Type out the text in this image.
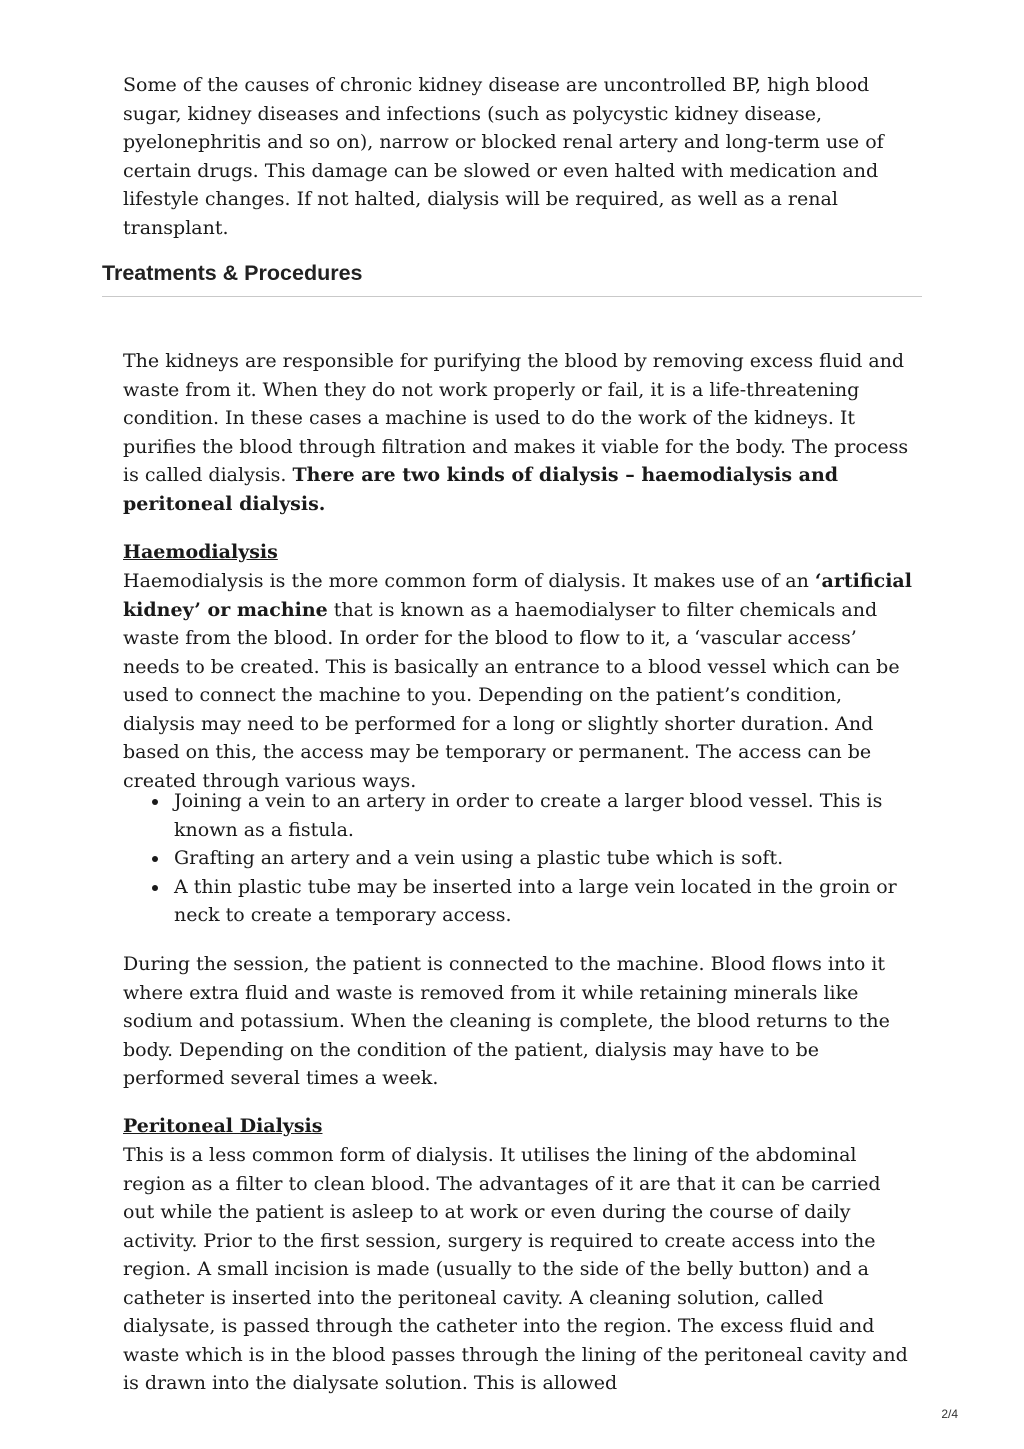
Some of the causes of chronic kidney disease are uncontrolled BP, high blood sugar, kidney diseases and infections (such as polycystic kidney disease, pyelonephritis and so on), narrow or blocked renal artery and long-term use of certain drugs. This damage can be slowed or even halted with medication and lifestyle changes. If not halted, dialysis will be required, as well as a renal transplant.

Treatments & Procedures

The kidneys are responsible for purifying the blood by removing excess fluid and waste from it. When they do not work properly or fail, it is a life-threatening condition. In these cases a machine is used to do the work of the kidneys. It purifies the blood through filtration and makes it viable for the body. The process is called dialysis. There are two kinds of dialysis – haemodialysis and peritoneal dialysis.

Haemodialysis

Haemodialysis is the more common form of dialysis. It makes use of an ‘artificial kidney’ or machine that is known as a haemodialyser to filter chemicals and waste from the blood. In order for the blood to flow to it, a ‘vascular access’ needs to be created. This is basically an entrance to a blood vessel which can be used to connect the machine to you. Depending on the patient’s condition, dialysis may need to be performed for a long or slightly shorter duration. And based on this, the access may be temporary or permanent. The access can be created through various ways.

Joining a vein to an artery in order to create a larger blood vessel. This is known as a fistula.
Grafting an artery and a vein using a plastic tube which is soft.
A thin plastic tube may be inserted into a large vein located in the groin or neck to create a temporary access.

During the session, the patient is connected to the machine. Blood flows into it where extra fluid and waste is removed from it while retaining minerals like sodium and potassium. When the cleaning is complete, the blood returns to the body. Depending on the condition of the patient, dialysis may have to be performed several times a week.

Peritoneal Dialysis

This is a less common form of dialysis. It utilises the lining of the abdominal region as a filter to clean blood. The advantages of it are that it can be carried out while the patient is asleep to at work or even during the course of daily activity. Prior to the first session, surgery is required to create access into the region. A small incision is made (usually to the side of the belly button) and a catheter is inserted into the peritoneal cavity. A cleaning solution, called dialysate, is passed through the catheter into the region. The excess fluid and waste which is in the blood passes through the lining of the peritoneal cavity and is drawn into the dialysate solution. This is allowed

2/4
